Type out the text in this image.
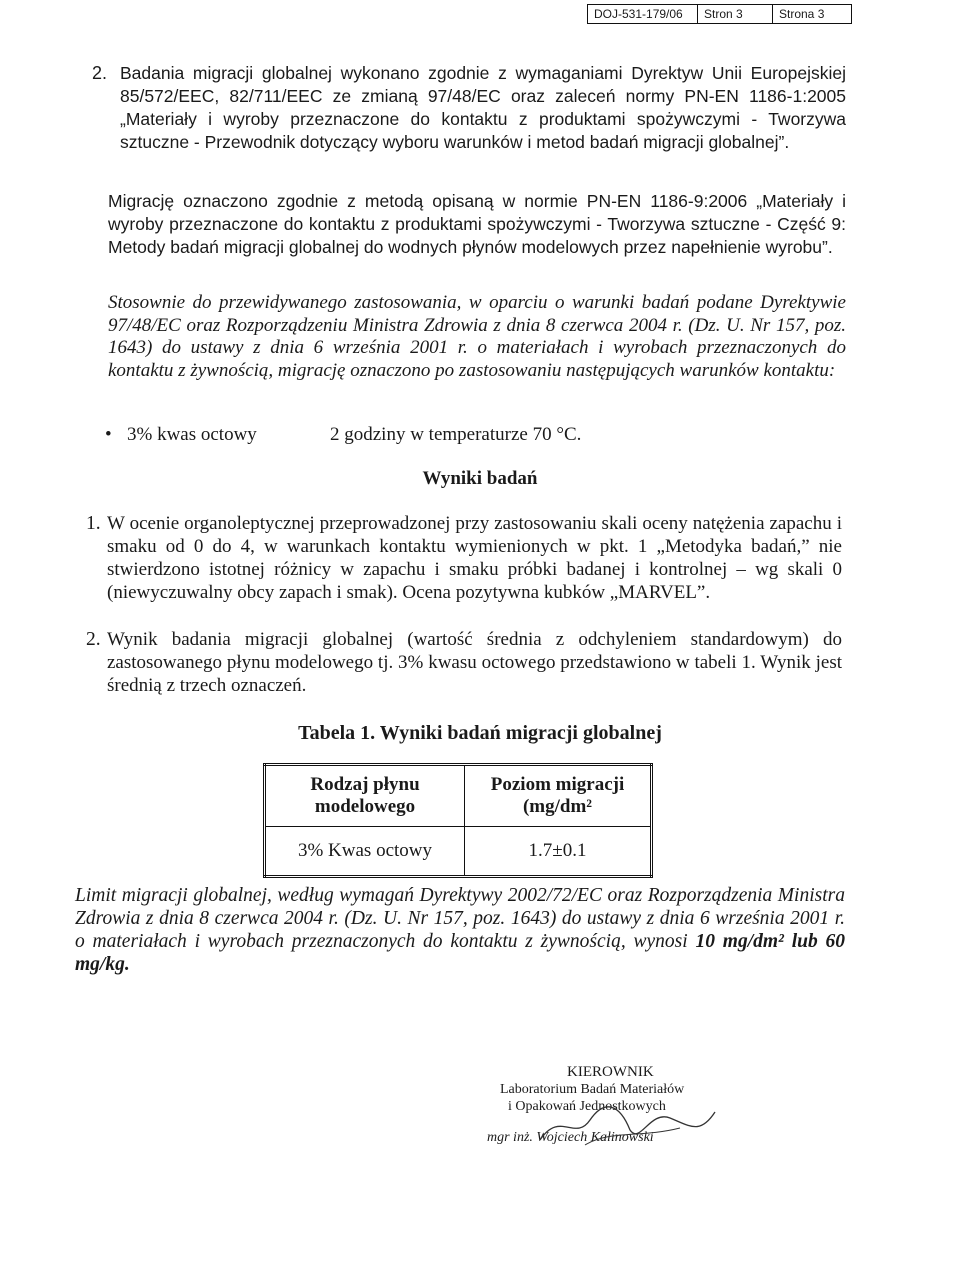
DOJ-531-179/06	Stron 3	Strona 3
2. Badania migracji globalnej wykonano zgodnie z wymaganiami Dyrektyw Unii Europejskiej 85/572/EEC, 82/711/EEC ze zmianą 97/48/EC oraz zaleceń normy PN-EN 1186-1:2005 „Materiały i wyroby przeznaczone do kontaktu z produktami spożywczymi - Tworzywa sztuczne - Przewodnik dotyczący wyboru warunków i metod badań migracji globalnej”.
Migrację oznaczono zgodnie z metodą opisaną w normie PN-EN 1186-9:2006 „Materiały i wyroby przeznaczone do kontaktu z produktami spożywczymi - Tworzywa sztuczne - Część 9: Metody badań migracji globalnej do wodnych płynów modelowych przez napełnienie wyrobu”.
Stosownie do przewidywanego zastosowania, w oparciu o warunki badań podane Dyrektywie 97/48/EC oraz Rozporządzeniu Ministra Zdrowia z dnia 8 czerwca 2004 r. (Dz. U. Nr 157, poz. 1643) do ustawy z dnia 6 września 2001 r. o materiałach i wyrobach przeznaczonych do kontaktu z żywnością, migrację oznaczono po zastosowaniu następujących warunków kontaktu:
• 3% kwas octowy	2 godziny w temperaturze 70 °C.
Wyniki badań
1. W ocenie organoleptycznej przeprowadzonej przy zastosowaniu skali oceny natężenia zapachu i smaku od 0 do 4, w warunkach kontaktu wymienionych w pkt. 1 „Metodyka badań,” nie stwierdzono istotnej różnicy w zapachu i smaku próbki badanej i kontrolnej – wg skali 0 (niewyczuwalny obcy zapach i smak). Ocena pozytywna kubków „MARVEL”.
2. Wynik badania migracji globalnej (wartość średnia z odchyleniem standardowym) do zastosowanego płynu modelowego tj. 3% kwasu octowego przedstawiono w tabeli 1. Wynik jest średnią z trzech oznaczeń.
Tabela 1. Wyniki badań migracji globalnej
Rodzaj płynu modelowego	Poziom migracji (mg/dm²
3% Kwas octowy	1.7±0.1
Limit migracji globalnej, według wymagań Dyrektywy 2002/72/EC oraz Rozporządzenia Ministra Zdrowia z dnia 8 czerwca 2004 r. (Dz. U. Nr 157, poz. 1643) do ustawy z dnia 6 września 2001 r. o materiałach i wyrobach przeznaczonych do kontaktu z żywnością, wynosi 10 mg/dm² lub 60 mg/kg.
KIEROWNIK
Laboratorium Badań Materiałów
i Opakowań Jednostkowych
mgr inż. Wojciech Kalinowski
